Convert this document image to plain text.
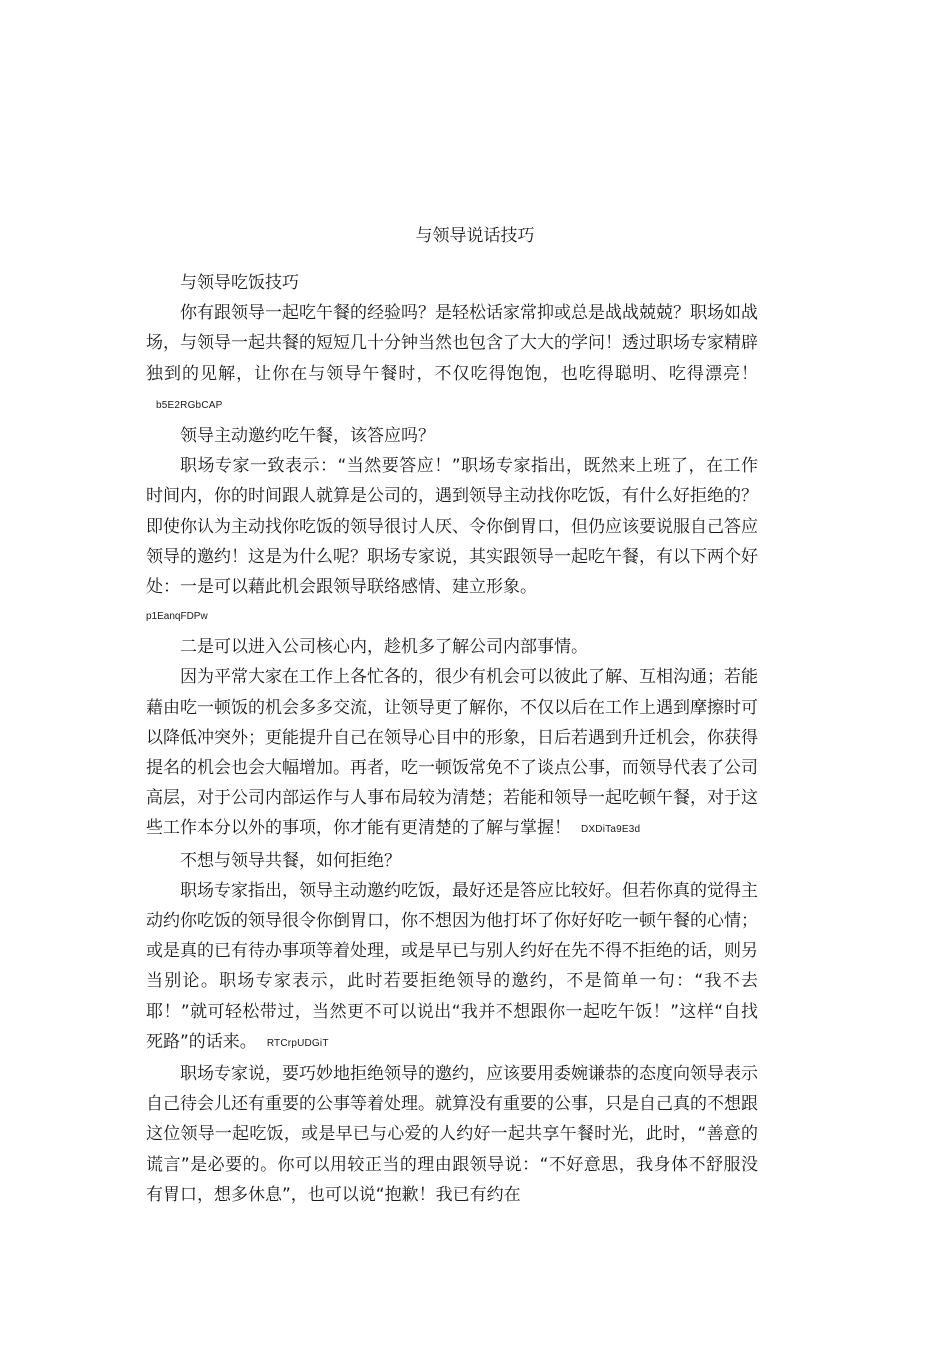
与领导说话技巧

与领导吃饭技巧

你有跟领导一起吃午餐的经验吗？是轻松话家常抑或总是战战兢兢？职场如战场，与领导一起共餐的短短几十分钟当然也包含了大大的学问！透过职场专家精辟独到的见解，让你在与领导午餐时，不仅吃得饱饱，也吃得聪明、吃得漂亮！b5E2RGbCAP

领导主动邀约吃午餐，该答应吗？

职场专家一致表示：“当然要答应！”职场专家指出，既然来上班了，在工作时间内，你的时间跟人就算是公司的，遇到领导主动找你吃饭，有什么好拒绝的？即使你认为主动找你吃饭的领导很讨人厌、令你倒胃口，但仍应该要说服自己答应领导的邀约！这是为什么呢？职场专家说，其实跟领导一起吃午餐，有以下两个好处：一是可以藉此机会跟领导联络感情、建立形象。

p1EanqFDPw

二是可以进入公司核心内，趁机多了解公司内部事情。

因为平常大家在工作上各忙各的，很少有机会可以彼此了解、互相沟通；若能藉由吃一顿饭的机会多多交流，让领导更了解你，不仅以后在工作上遇到摩擦时可以降低冲突外；更能提升自己在领导心目中的形象，日后若遇到升迁机会，你获得提名的机会也会大幅增加。再者，吃一顿饭常免不了谈点公事，而领导代表了公司高层，对于公司内部运作与人事布局较为清楚；若能和领导一起吃顿午餐，对于这些工作本分以外的事项，你才能有更清楚的了解与掌握！ DXDiTa9E3d

不想与领导共餐，如何拒绝？

职场专家指出，领导主动邀约吃饭，最好还是答应比较好。但若你真的觉得主动约你吃饭的领导很令你倒胃口，你不想因为他打坏了你好好吃一顿午餐的心情；或是真的已有待办事项等着处理，或是早已与别人约好在先不得不拒绝的话，则另当别论。职场专家表示，此时若要拒绝领导的邀约，不是简单一句：“我不去耶！”就可轻松带过，当然更不可以说出“我并不想跟你一起吃午饭！”这样“自找死路”的话来。 RTCrpUDGiT

职场专家说，要巧妙地拒绝领导的邀约，应该要用委婉谦恭的态度向领导表示自己待会儿还有重要的公事等着处理。就算没有重要的公事，只是自己真的不想跟这位领导一起吃饭，或是早已与心爱的人约好一起共享午餐时光，此时，“善意的谎言”是必要的。你可以用较正当的理由跟领导说：“不好意思，我身体不舒服没有胃口，想多休息”，也可以说“抱歉！我已有约在
